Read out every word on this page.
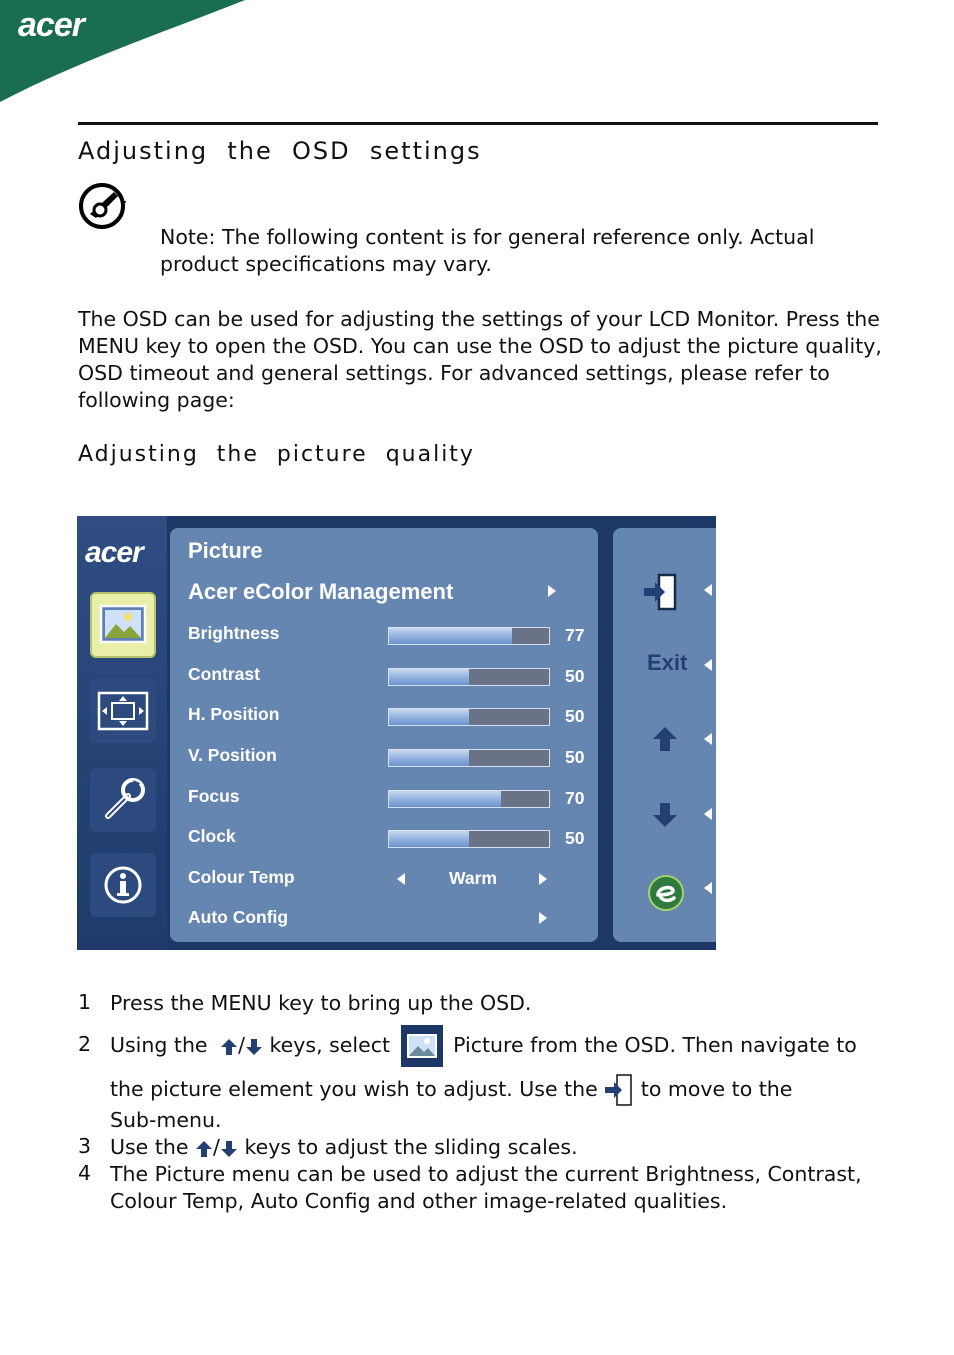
acer
Adjusting  the  OSD  settings
Note: The following content is for general reference only. Actual product specifications may vary.
The OSD can be used for adjusting the settings of your LCD Monitor. Press the MENU key to open the OSD. You can use the OSD to adjust the picture quality, OSD timeout and general settings. For advanced settings, please refer to following page:
Adjusting  the  picture  quality
acer Picture
Acer eColor Management
Brightness	77
Contrast	50
H. Position	50
V. Position	50
Focus	70
Clock	50
Colour Temp	Warm
Auto Config
Exit
1 Press the MENU key to bring up the OSD.
2 Using the / keys, select	Picture from the OSD. Then navigate to
the picture element you wish to adjust. Use the to move to the
Sub-menu.
3 Use the / keys to adjust the sliding scales.
4 The Picture menu can be used to adjust the current Brightness, Contrast, Colour Temp, Auto Config and other image-related qualities.
